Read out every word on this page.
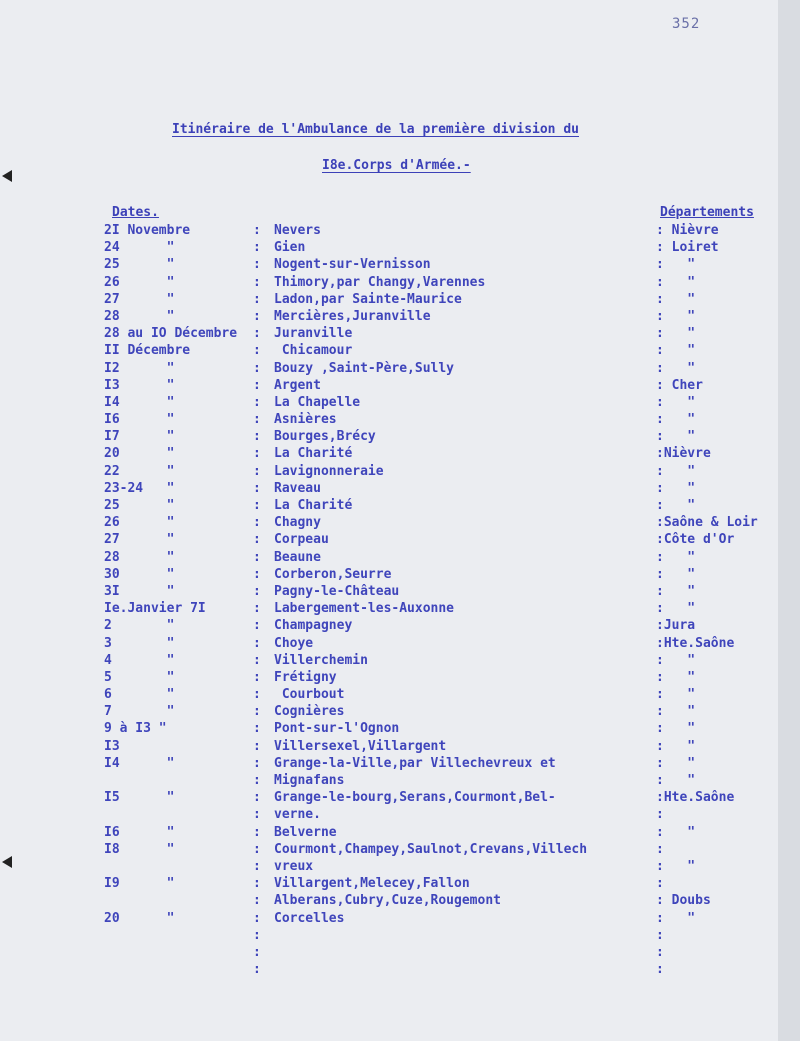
352
Itinéraire de l'Ambulance de la première division du
I8e.Corps d'Armée.-
Dates.	Départements
2I Novembre	: Nevers	: Nièvre
24      "	: Gien	: Loiret
25      "	: Nogent-sur-Vernisson	:   "
26      "	: Thimory,par Changy,Varennes	:   "
27      "	: Ladon,par Sainte-Maurice	:   "
28      "	: Mercières,Juranville	:   "
28 au IO Décembre : Juranville	:   "
II Décembre	: Chicamour	:   "
I2      "	: Bouzy ,Saint-Père,Sully	:   "
I3      "	: Argent	: Cher
I4      "	: La Chapelle	:   "
I6      "	: Asnières	:   "
I7      "	: Bourges,Brécy	:   "
20      "	: La Charité	:Nièvre
22      "	: Lavignonneraie	:   "
23-24   "	: Raveau	:   "
25      "	: La Charité	:   "
26      "	: Chagny	:Saône & Loir
27      "	: Corpeau	:Côte d'Or
28      "	: Beaune	:   "
30      "	: Corberon,Seurre	:   "
3I      "	: Pagny-le-Château	:   "
Ie.Janvier 7I	: Labergement-les-Auxonne	:   "
2       "	: Champagney	:Jura
3       "	: Choye	:Hte.Saône
4       "	: Villerchemin	:   "
5       "	: Frétigny	:   "
6       "	: Courbout	:   "
7       "	: Cognières	:   "
9 à I3 "	: Pont-sur-l'Ognon	:   "
I3	: Villersexel,Villargent	:   "
I4      "	: Grange-la-Ville,par Villechevreux et	:   "
: Mignafans	:   "
I5      "	: Grange-le-bourg,Serans,Courmont,Bel-	:Hte.Saône
: verne.	:
I6      "	: Belverne	:   "
I8      "	: Courmont,Champey,Saulnot,Crevans,Villech	:
: vreux	:   "
I9      "	: Villargent,Melecey,Fallon	:
: Alberans,Cubry,Cuze,Rougemont	: Doubs
20      "	: Corcelles	:   "
:	:
:	:
:	:
